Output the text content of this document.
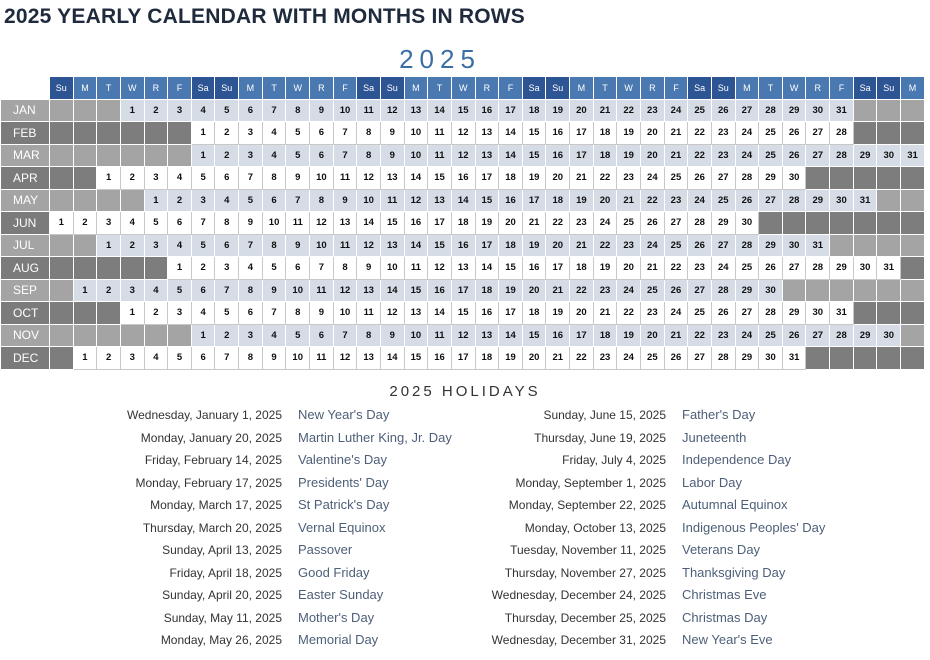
2025 YEARLY CALENDAR WITH MONTHS IN ROWS
2025
	Su	M	T	W	R	F	Sa	Su	M	T	W	R	F	Sa	Su	M	T	W	R	F	Sa	Su	M	T	W	R	F	Sa	Su	M	T	W	R	F	Sa	Su	M
JAN				1	2	3	4	5	6	7	8	9	10	11	12	13	14	15	16	17	18	19	20	21	22	23	24	25	26	27	28	29	30	31			
FEB							1	2	3	4	5	6	7	8	9	10	11	12	13	14	15	16	17	18	19	20	21	22	23	24	25	26	27	28			
MAR							1	2	3	4	5	6	7	8	9	10	11	12	13	14	15	16	17	18	19	20	21	22	23	24	25	26	27	28	29	30	31
APR			1	2	3	4	5	6	7	8	9	10	11	12	13	14	15	16	17	18	19	20	21	22	23	24	25	26	27	28	29	30					
MAY					1	2	3	4	5	6	7	8	9	10	11	12	13	14	15	16	17	18	19	20	21	22	23	24	25	26	27	28	29	30	31		
JUN	1	2	3	4	5	6	7	8	9	10	11	12	13	14	15	16	17	18	19	20	21	22	23	24	25	26	27	28	29	30							
JUL			1	2	3	4	5	6	7	8	9	10	11	12	13	14	15	16	17	18	19	20	21	22	23	24	25	26	27	28	29	30	31				
AUG						1	2	3	4	5	6	7	8	9	10	11	12	13	14	15	16	17	18	19	20	21	22	23	24	25	26	27	28	29	30	31	
SEP		1	2	3	4	5	6	7	8	9	10	11	12	13	14	15	16	17	18	19	20	21	22	23	24	25	26	27	28	29	30						
OCT				1	2	3	4	5	6	7	8	9	10	11	12	13	14	15	16	17	18	19	20	21	22	23	24	25	26	27	28	29	30	31			
NOV							1	2	3	4	5	6	7	8	9	10	11	12	13	14	15	16	17	18	19	20	21	22	23	24	25	26	27	28	29	30	
DEC		1	2	3	4	5	6	7	8	9	10	11	12	13	14	15	16	17	18	19	20	21	22	23	24	25	26	27	28	29	30	31					
2025 HOLIDAYS
Wednesday, January 1, 2025 New Year's Day
Monday, January 20, 2025 Martin Luther King, Jr. Day
Friday, February 14, 2025 Valentine's Day
Monday, February 17, 2025 Presidents' Day
Monday, March 17, 2025 St Patrick's Day
Thursday, March 20, 2025 Vernal Equinox
Sunday, April 13, 2025 Passover
Friday, April 18, 2025 Good Friday
Sunday, April 20, 2025 Easter Sunday
Sunday, May 11, 2025 Mother's Day
Monday, May 26, 2025 Memorial Day
Sunday, June 15, 2025 Father's Day
Thursday, June 19, 2025 Juneteenth
Friday, July 4, 2025 Independence Day
Monday, September 1, 2025 Labor Day
Monday, September 22, 2025 Autumnal Equinox
Monday, October 13, 2025 Indigenous Peoples' Day
Tuesday, November 11, 2025 Veterans Day
Thursday, November 27, 2025 Thanksgiving Day
Wednesday, December 24, 2025 Christmas Eve
Thursday, December 25, 2025 Christmas Day
Wednesday, December 31, 2025 New Year's Eve
